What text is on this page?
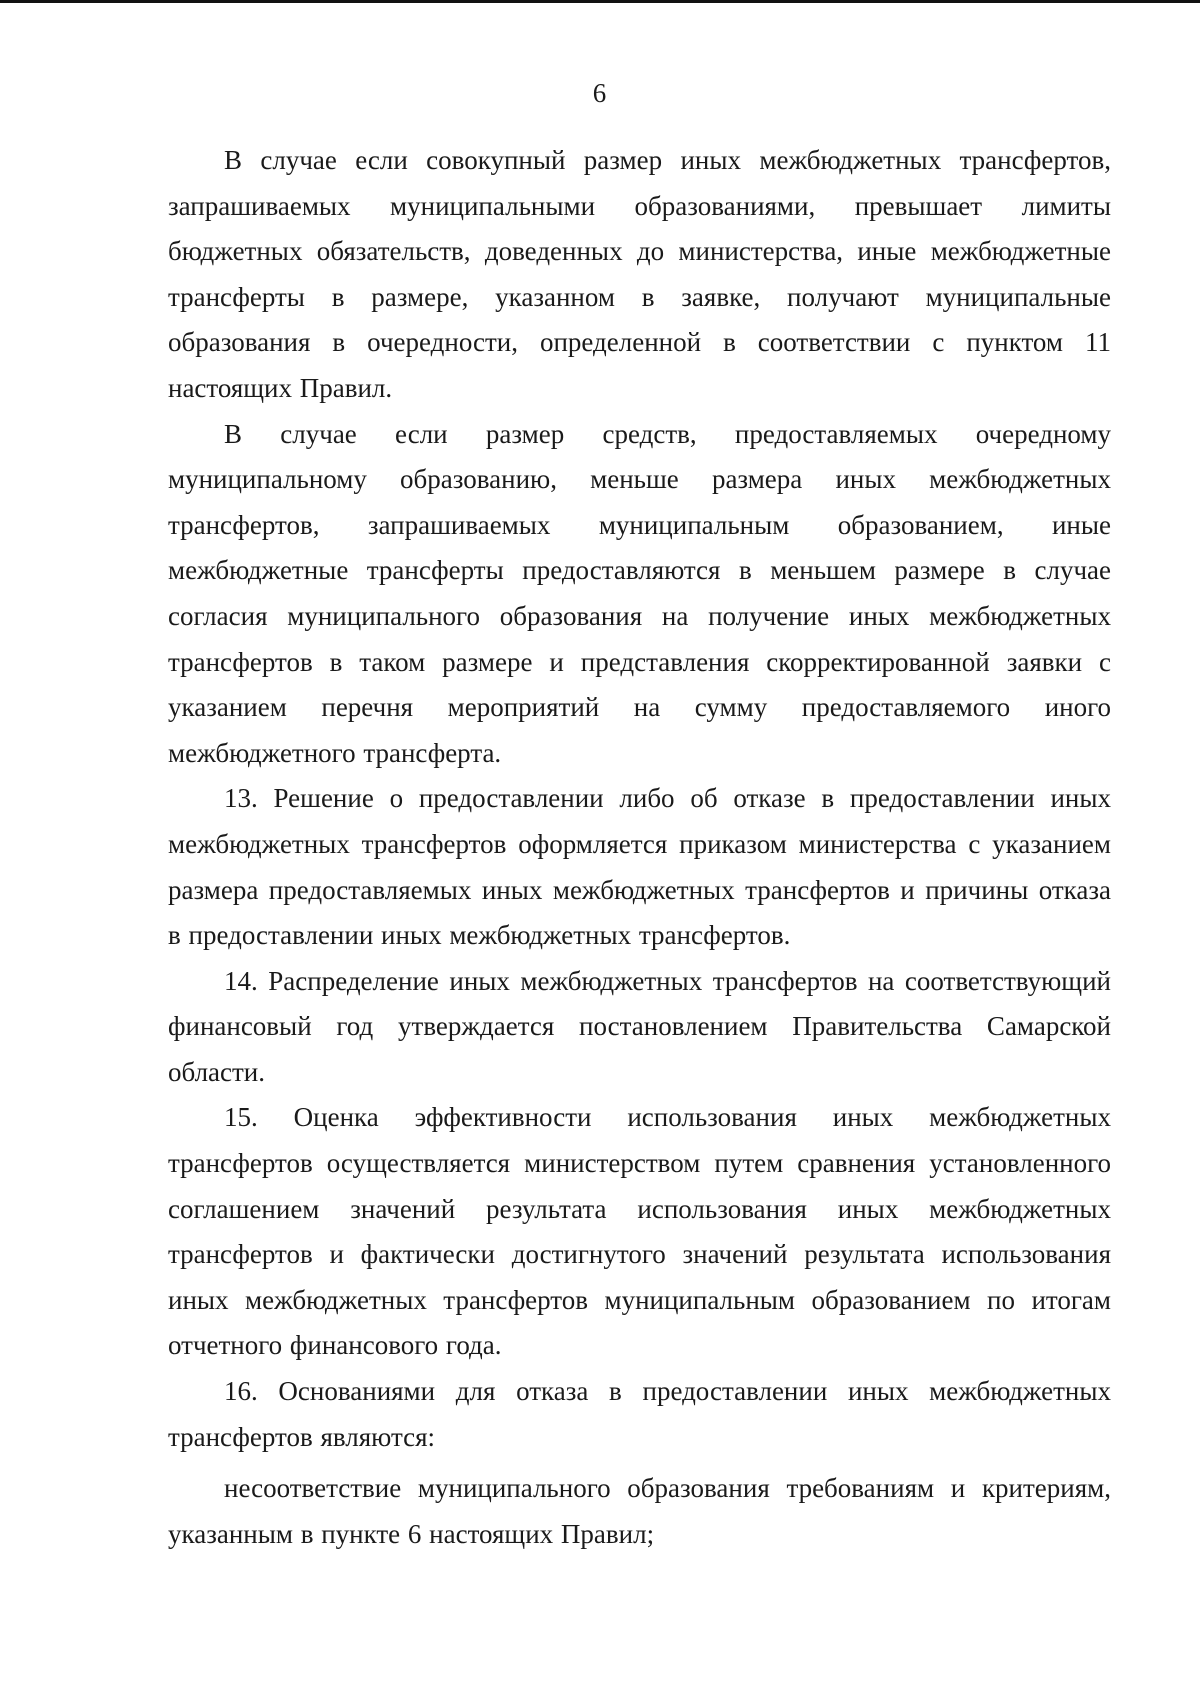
6

В случае если совокупный размер иных межбюджетных трансфертов, запрашиваемых муниципальными образованиями, превышает лимиты бюджетных обязательств, доведенных до министерства, иные межбюджетные трансферты в размере, указанном в заявке, получают муниципальные образования в очередности, определенной в соответствии с пунктом 11 настоящих Правил.

В случае если размер средств, предоставляемых очередному муниципальному образованию, меньше размера иных межбюджетных трансфертов, запрашиваемых муниципальным образованием, иные межбюджетные трансферты предоставляются в меньшем размере в случае согласия муниципального образования на получение иных межбюджетных трансфертов в таком размере и представления скорректированной заявки с указанием перечня мероприятий на сумму предоставляемого иного межбюджетного трансферта.

13. Решение о предоставлении либо об отказе в предоставлении иных межбюджетных трансфертов оформляется приказом министерства с указанием размера предоставляемых иных межбюджетных трансфертов и причины отказа в предоставлении иных межбюджетных трансфертов.

14. Распределение иных межбюджетных трансфертов на соответствующий финансовый год утверждается постановлением Правительства Самарской области.

15. Оценка эффективности использования иных межбюджетных трансфертов осуществляется министерством путем сравнения установленного соглашением значений результата использования иных межбюджетных трансфертов и фактически достигнутого значений результата использования иных межбюджетных трансфертов муниципальным образованием по итогам отчетного финансового года.

16. Основаниями для отказа в предоставлении иных межбюджетных трансфертов являются:

несоответствие муниципального образования требованиям и критериям, указанным в пункте 6 настоящих Правил;
